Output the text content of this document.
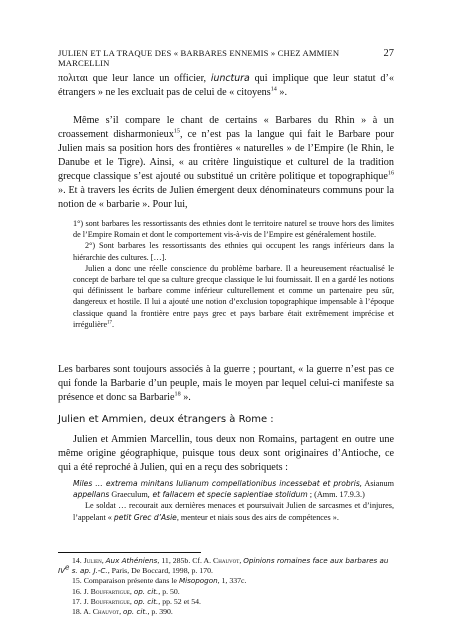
JULIEN ET LA TRAQUE DES « BARBARES ENNEMIS » CHEZ AMMIEN MARCELLIN
27

πολιται que leur lance un officier, iunctura qui implique que leur statut d’« étrangers » ne les excluait pas de celui de « citoyens$^{14}$ ».

Même s’il compare le chant de certains « Barbares du Rhin » à un croassement disharmonieux$^{15}$, ce n’est pas la langue qui fait le Barbare pour Julien mais sa position hors des frontières « naturelles » de l’Empire (le Rhin, le Danube et le Tigre). Ainsi, « au critère linguistique et culturel de la tradition grecque classique s’est ajouté ou substitué un critère politique et topographique$^{16}$ ». Et à travers les écrits de Julien émergent deux dénominateurs communs pour la notion de « barbarie ». Pour lui,

1°) sont barbares les ressortissants des ethnies dont le territoire naturel se trouve hors des limites de l’Empire Romain et dont le comportement vis-à-vis de l’Empire est généralement hostile.

2°) Sont barbares les ressortissants des ethnies qui occupent les rangs inférieurs dans la hiérarchie des cultures. […].

Julien a donc une réelle conscience du problème barbare. Il a heureusement réactualisé le concept de barbare tel que sa culture grecque classique le lui fournissait. Il en a gardé les notions qui définissent le barbare comme inférieur culturellement et comme un partenaire peu sûr, dangereux et hostile. Il lui a ajouté une notion d’exclusion topographique impensable à l’époque classique quand la frontière entre pays grec et pays barbare était extrêmement imprécise et irrégulière$^{17}$.

Les barbares sont toujours associés à la guerre ; pourtant, « la guerre n’est pas ce qui fonde la Barbarie d’un peuple, mais le moyen par lequel celui-ci manifeste sa présence et donc sa Barbarie$^{18}$ ».

Julien et Ammien, deux étrangers à Rome :

Julien et Ammien Marcellin, tous deux non Romains, partagent en outre une même origine géographique, puisque tous deux sont originaires d’Antioche, ce qui a été reproché à Julien, qui en a reçu des sobriquets :

Miles … extrema minitans Iulianum compellationibus incessebat et probris, Asianum appellans Graeculum, et fallacem et specie sapientiae stolidum ; (Amm. 17.9.3.)

Le soldat … recourait aux dernières menaces et poursuivait Julien de sarcasmes et d’injures, l’appelant « petit Grec d’Asie, menteur et niais sous des airs de compétences ».

14. Julien, Aux Athéniens, 11, 285b. Cf. A. Chauvot, Opinions romaines face aux barbares au IVe s. ap. J.-C., Paris, De Boccard, 1998, p. 170.

15. Comparaison présente dans le Misopogon, 1, 337c.

16. J. Bouffartigue, op. cit., p. 50.

17. J. Bouffartigue, op. cit., pp. 52 et 54.

18. A. Chauvot, op. cit., p. 390.
